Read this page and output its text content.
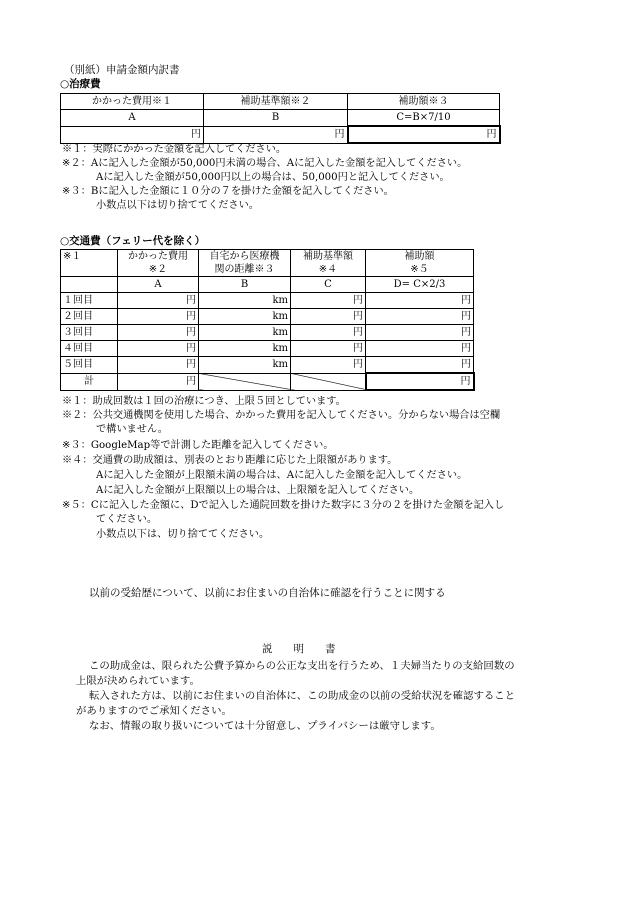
（別紙）申請金額内訳書
○治療費
かかった費用※１	補助基準額※２	補助額※３
A	B	C=B×7/10
円	円	円
※１：実際にかかった金額を記入してください。
※２：Aに記入した金額が50,000円未満の場合、Aに記入した金額を記入してください。
Aに記入した金額が50,000円以上の場合は、50,000円と記入してください。
※３：Bに記入した金額に１０分の７を掛けた金額を記入してください。
小数点以下は切り捨ててください。
○交通費（フェリー代を除く）
※１	かかった費用	自宅から医療機	補助基準額	補助額
	※２	関の距離※３	※４	※５
	A	B	C	D= C×2/3
１回目	円	km	円	円
２回目	円	km	円	円
３回目	円	km	円	円
４回目	円	km	円	円
５回目	円	km	円	円
計	円			円
※１：助成回数は１回の治療につき、上限５回としています。
※２：公共交通機関を使用した場合、かかった費用を記入してください。分からない場合は空欄
で構いません。
※３：GoogleMap等で計測した距離を記入してください。
※４：交通費の助成額は、別表のとおり距離に応じた上限額があります。
Aに記入した金額が上限額未満の場合は、Aに記入した金額を記入してください。
Aに記入した金額が上限額以上の場合は、上限額を記入してください。
※５：Cに記入した金額に、Dで記入した通院回数を掛けた数字に３分の２を掛けた金額を記入し
てください。
小数点以下は、切り捨ててください。
以前の受給歴について、以前にお住まいの自治体に確認を行うことに関する
説　　明　　書
この助成金は、限られた公費予算からの公正な支出を行うため、１夫婦当たりの支給回数の
上限が決められています。
転入された方は、以前にお住まいの自治体に、この助成金の以前の受給状況を確認すること
がありますのでご承知ください。
なお、情報の取り扱いについては十分留意し、プライバシーは厳守します。
